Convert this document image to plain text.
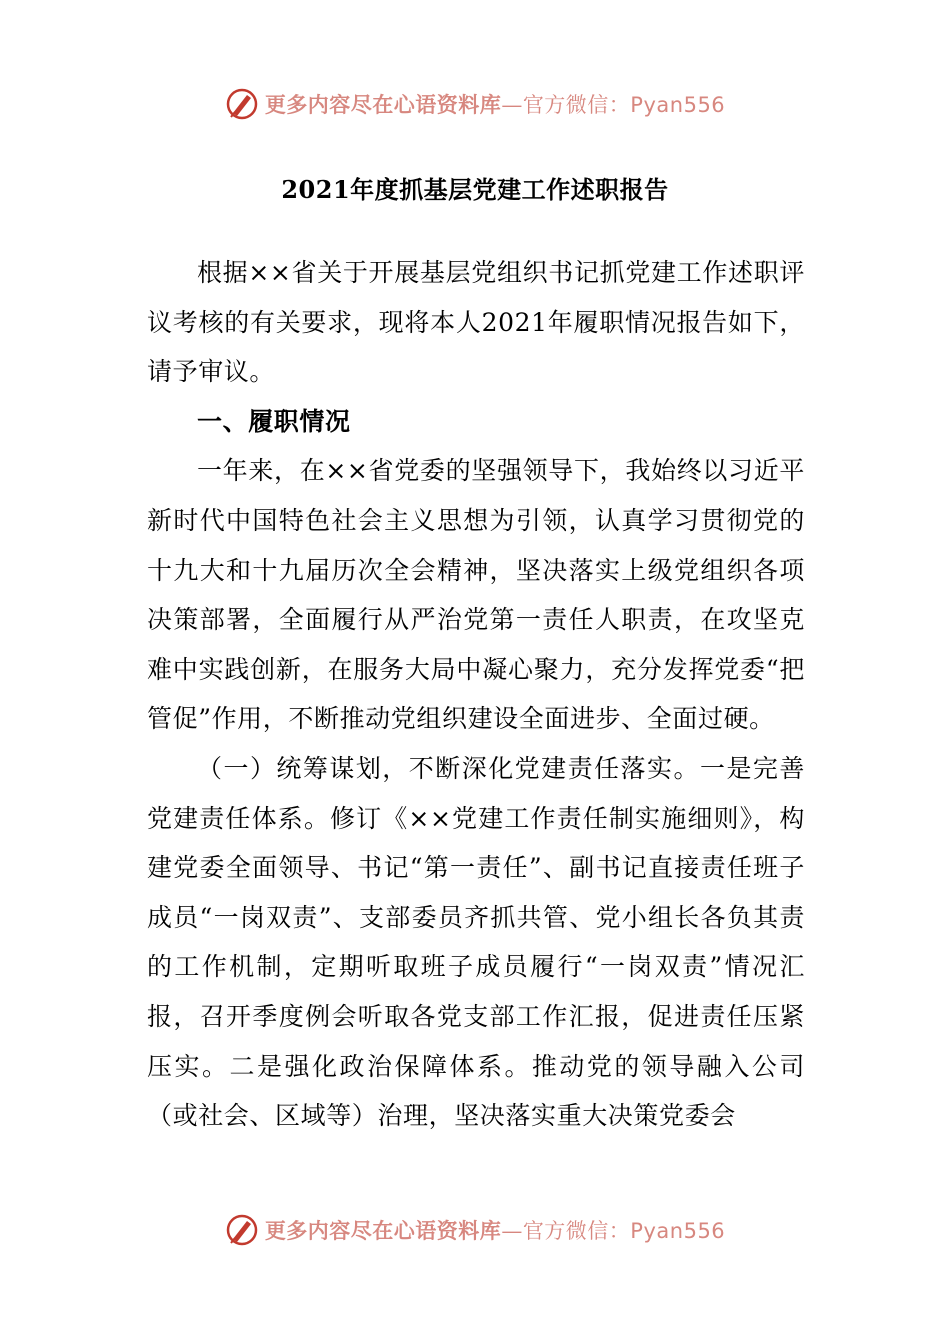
更多内容尽在心语资料库—官方微信：Pyan556
2021年度抓基层党建工作述职报告

根据××省关于开展基层党组织书记抓党建工作述职评议考核的有关要求，现将本人2021年履职情况报告如下，请予审议。

一、履职情况

一年来，在××省党委的坚强领导下，我始终以习近平新时代中国特色社会主义思想为引领，认真学习贯彻党的十九大和十九届历次全会精神，坚决落实上级党组织各项决策部署，全面履行从严治党第一责任人职责，在攻坚克难中实践创新，在服务大局中凝心聚力，充分发挥党委“把管促”作用，不断推动党组织建设全面进步、全面过硬。

（一）统筹谋划，不断深化党建责任落实。一是完善党建责任体系。修订《××党建工作责任制实施细则》，构建党委全面领导、书记“第一责任”、副书记直接责任班子成员“一岗双责”、支部委员齐抓共管、党小组长各负其责的工作机制，定期听取班子成员履行“一岗双责”情况汇报，召开季度例会听取各党支部工作汇报，促进责任压紧压实。二是强化政治保障体系。推动党的领导融入公司（或社会、区域等）治理，坚决落实重大决策党委会

更多内容尽在心语资料库—官方微信：Pyan556
